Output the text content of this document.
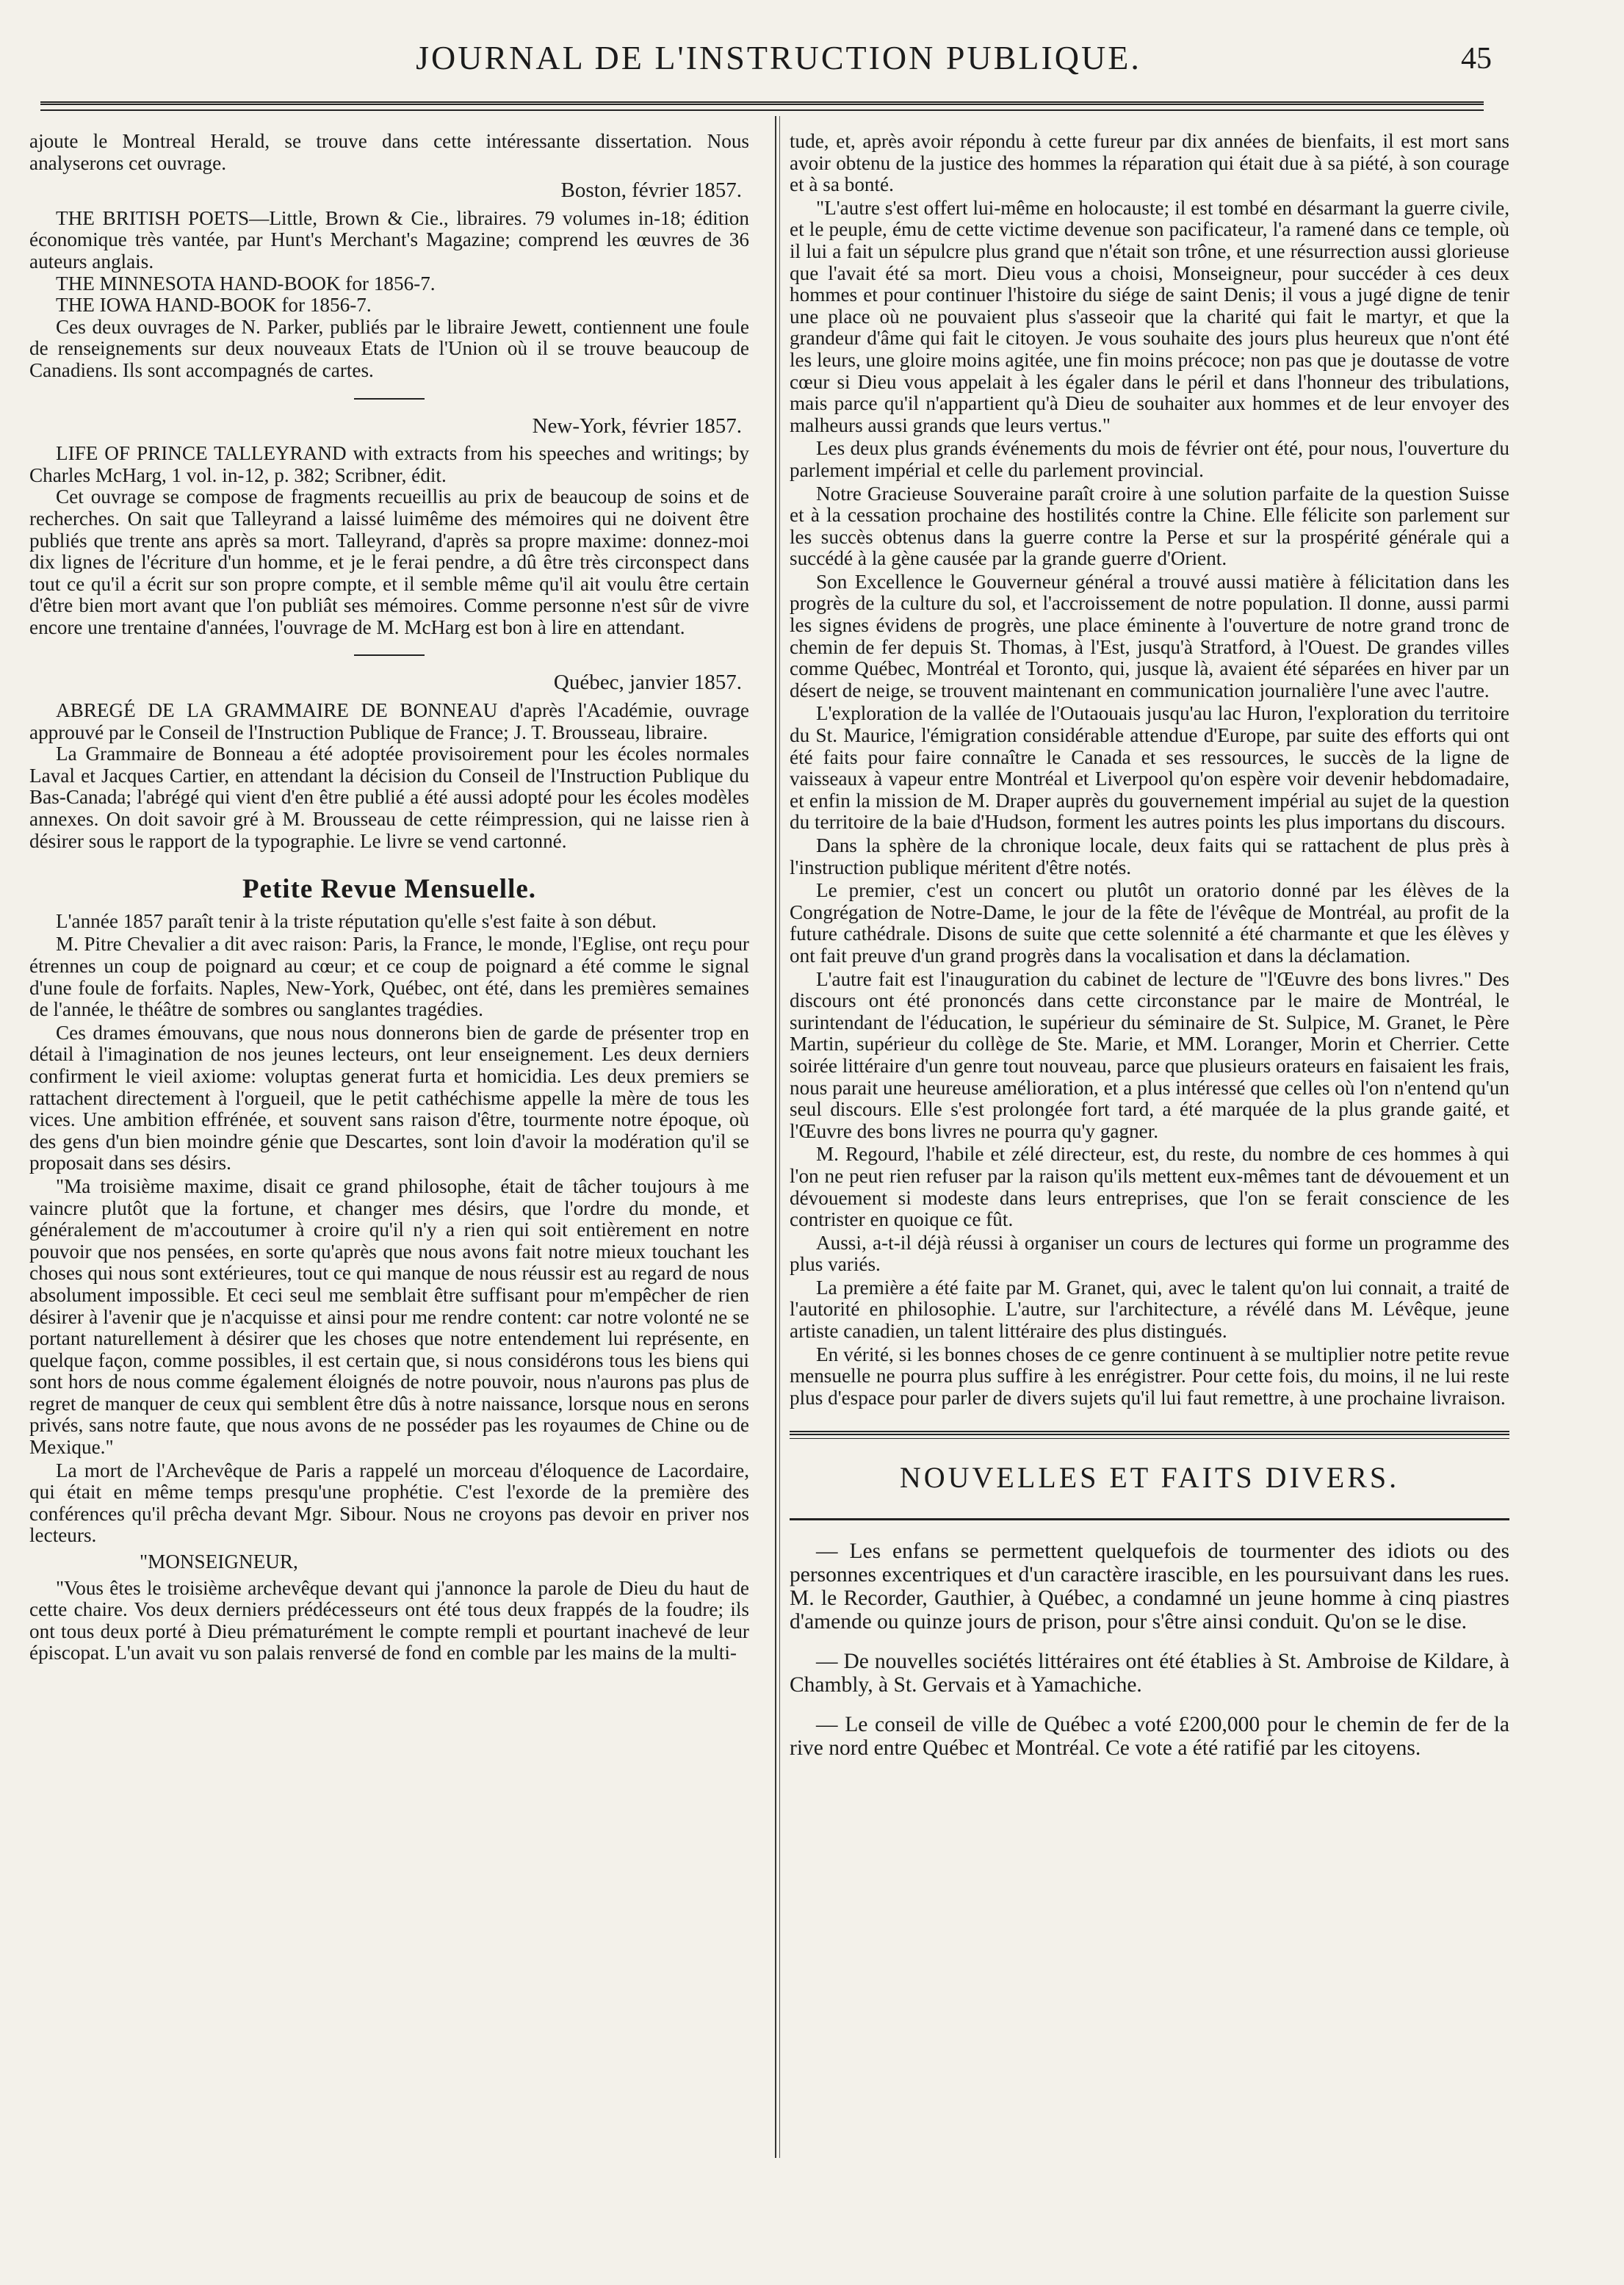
JOURNAL DE L'INSTRUCTION PUBLIQUE.	45

ajoute le Montreal Herald, se trouve dans cette intéressante dissertation. Nous analyserons cet ouvrage.

Boston, février 1857.

THE BRITISH POETS—Little, Brown & Cie., libraires. 79 volumes in-18; édition économique très vantée, par Hunt's Merchant's Magazine; comprend les œuvres de 36 auteurs anglais.

THE MINNESOTA HAND-BOOK for 1856-7.

THE IOWA HAND-BOOK for 1856-7.

Ces deux ouvrages de N. Parker, publiés par le libraire Jewett, contiennent une foule de renseignements sur deux nouveaux Etats de l'Union où il se trouve beaucoup de Canadiens. Ils sont accompagnés de cartes.

New-York, février 1857.

LIFE OF PRINCE TALLEYRAND with extracts from his speeches and writings; by Charles McHarg, 1 vol. in-12, p. 382; Scribner, édit.

Cet ouvrage se compose de fragments recueillis au prix de beaucoup de soins et de recherches. On sait que Talleyrand a laissé luimême des mémoires qui ne doivent être publiés que trente ans après sa mort. Talleyrand, d'après sa propre maxime: donnez-moi dix lignes de l'écriture d'un homme, et je le ferai pendre, a dû être très circonspect dans tout ce qu'il a écrit sur son propre compte, et il semble même qu'il ait voulu être certain d'être bien mort avant que l'on publiât ses mémoires. Comme personne n'est sûr de vivre encore une trentaine d'années, l'ouvrage de M. McHarg est bon à lire en attendant.

Québec, janvier 1857.

ABREGÉ DE LA GRAMMAIRE DE BONNEAU d'après l'Académie, ouvrage approuvé par le Conseil de l'Instruction Publique de France; J. T. Brousseau, libraire.

La Grammaire de Bonneau a été adoptée provisoirement pour les écoles normales Laval et Jacques Cartier, en attendant la décision du Conseil de l'Instruction Publique du Bas-Canada; l'abrégé qui vient d'en être publié a été aussi adopté pour les écoles modèles annexes. On doit savoir gré à M. Brousseau de cette réimpression, qui ne laisse rien à désirer sous le rapport de la typographie. Le livre se vend cartonné.

Petite Revue Mensuelle.

L'année 1857 paraît tenir à la triste réputation qu'elle s'est faite à son début.

M. Pitre Chevalier a dit avec raison: Paris, la France, le monde, l'Eglise, ont reçu pour étrennes un coup de poignard au cœur; et ce coup de poignard a été comme le signal d'une foule de forfaits. Naples, New-York, Québec, ont été, dans les premières semaines de l'année, le théâtre de sombres ou sanglantes tragédies.

Ces drames émouvans, que nous nous donnerons bien de garde de présenter trop en détail à l'imagination de nos jeunes lecteurs, ont leur enseignement. Les deux derniers confirment le vieil axiome: voluptas generat furta et homicidia. Les deux premiers se rattachent directement à l'orgueil, que le petit cathéchisme appelle la mère de tous les vices. Une ambition effrénée, et souvent sans raison d'être, tourmente notre époque, où des gens d'un bien moindre génie que Descartes, sont loin d'avoir la modération qu'il se proposait dans ses désirs.

"Ma troisième maxime, disait ce grand philosophe, était de tâcher toujours à me vaincre plutôt que la fortune, et changer mes désirs, que l'ordre du monde, et généralement de m'accoutumer à croire qu'il n'y a rien qui soit entièrement en notre pouvoir que nos pensées, en sorte qu'après que nous avons fait notre mieux touchant les choses qui nous sont extérieures, tout ce qui manque de nous réussir est au regard de nous absolument impossible. Et ceci seul me semblait être suffisant pour m'empêcher de rien désirer à l'avenir que je n'acquisse et ainsi pour me rendre content: car notre volonté ne se portant naturellement à désirer que les choses que notre entendement lui représente, en quelque façon, comme possibles, il est certain que, si nous considérons tous les biens qui sont hors de nous comme également éloignés de notre pouvoir, nous n'aurons pas plus de regret de manquer de ceux qui semblent être dûs à notre naissance, lorsque nous en serons privés, sans notre faute, que nous avons de ne posséder pas les royaumes de Chine ou de Mexique."

La mort de l'Archevêque de Paris a rappelé un morceau d'éloquence de Lacordaire, qui était en même temps presqu'une prophétie. C'est l'exorde de la première des conférences qu'il prêcha devant Mgr. Sibour. Nous ne croyons pas devoir en priver nos lecteurs.

"MONSEIGNEUR,

"Vous êtes le troisième archevêque devant qui j'annonce la parole de Dieu du haut de cette chaire. Vos deux derniers prédécesseurs ont été tous deux frappés de la foudre; ils ont tous deux porté à Dieu prématurément le compte rempli et pourtant inachevé de leur épiscopat. L'un avait vu son palais renversé de fond en comble par les mains de la multi-

tude, et, après avoir répondu à cette fureur par dix années de bienfaits, il est mort sans avoir obtenu de la justice des hommes la réparation qui était due à sa piété, à son courage et à sa bonté.

"L'autre s'est offert lui-même en holocauste; il est tombé en désarmant la guerre civile, et le peuple, ému de cette victime devenue son pacificateur, l'a ramené dans ce temple, où il lui a fait un sépulcre plus grand que n'était son trône, et une résurrection aussi glorieuse que l'avait été sa mort. Dieu vous a choisi, Monseigneur, pour succéder à ces deux hommes et pour continuer l'histoire du siége de saint Denis; il vous a jugé digne de tenir une place où ne pouvaient plus s'asseoir que la charité qui fait le martyr, et que la grandeur d'âme qui fait le citoyen. Je vous souhaite des jours plus heureux que n'ont été les leurs, une gloire moins agitée, une fin moins précoce; non pas que je doutasse de votre cœur si Dieu vous appelait à les égaler dans le péril et dans l'honneur des tribulations, mais parce qu'il n'appartient qu'à Dieu de souhaiter aux hommes et de leur envoyer des malheurs aussi grands que leurs vertus."

Les deux plus grands événements du mois de février ont été, pour nous, l'ouverture du parlement impérial et celle du parlement provincial.

Notre Gracieuse Souveraine paraît croire à une solution parfaite de la question Suisse et à la cessation prochaine des hostilités contre la Chine. Elle félicite son parlement sur les succès obtenus dans la guerre contre la Perse et sur la prospérité générale qui a succédé à la gène causée par la grande guerre d'Orient.

Son Excellence le Gouverneur général a trouvé aussi matière à félicitation dans les progrès de la culture du sol, et l'accroissement de notre population. Il donne, aussi parmi les signes évidens de progrès, une place éminente à l'ouverture de notre grand tronc de chemin de fer depuis St. Thomas, à l'Est, jusqu'à Stratford, à l'Ouest. De grandes villes comme Québec, Montréal et Toronto, qui, jusque là, avaient été séparées en hiver par un désert de neige, se trouvent maintenant en communication journalière l'une avec l'autre.

L'exploration de la vallée de l'Outaouais jusqu'au lac Huron, l'exploration du territoire du St. Maurice, l'émigration considérable attendue d'Europe, par suite des efforts qui ont été faits pour faire connaître le Canada et ses ressources, le succès de la ligne de vaisseaux à vapeur entre Montréal et Liverpool qu'on espère voir devenir hebdomadaire, et enfin la mission de M. Draper auprès du gouvernement impérial au sujet de la question du territoire de la baie d'Hudson, forment les autres points les plus importans du discours.

Dans la sphère de la chronique locale, deux faits qui se rattachent de plus près à l'instruction publique méritent d'être notés.

Le premier, c'est un concert ou plutôt un oratorio donné par les élèves de la Congrégation de Notre-Dame, le jour de la fête de l'évêque de Montréal, au profit de la future cathédrale. Disons de suite que cette solennité a été charmante et que les élèves y ont fait preuve d'un grand progrès dans la vocalisation et dans la déclamation.

L'autre fait est l'inauguration du cabinet de lecture de "l'Œuvre des bons livres." Des discours ont été prononcés dans cette circonstance par le maire de Montréal, le surintendant de l'éducation, le supérieur du séminaire de St. Sulpice, M. Granet, le Père Martin, supérieur du collège de Ste. Marie, et MM. Loranger, Morin et Cherrier. Cette soirée littéraire d'un genre tout nouveau, parce que plusieurs orateurs en faisaient les frais, nous parait une heureuse amélioration, et a plus intéressé que celles où l'on n'entend qu'un seul discours. Elle s'est prolongée fort tard, a été marquée de la plus grande gaité, et l'Œuvre des bons livres ne pourra qu'y gagner.

M. Regourd, l'habile et zélé directeur, est, du reste, du nombre de ces hommes à qui l'on ne peut rien refuser par la raison qu'ils mettent eux-mêmes tant de dévouement et un dévouement si modeste dans leurs entreprises, que l'on se ferait conscience de les contrister en quoique ce fût.

Aussi, a-t-il déjà réussi à organiser un cours de lectures qui forme un programme des plus variés.

La première a été faite par M. Granet, qui, avec le talent qu'on lui connait, a traité de l'autorité en philosophie. L'autre, sur l'architecture, a révélé dans M. Lévêque, jeune artiste canadien, un talent littéraire des plus distingués.

En vérité, si les bonnes choses de ce genre continuent à se multiplier notre petite revue mensuelle ne pourra plus suffire à les enrégistrer. Pour cette fois, du moins, il ne lui reste plus d'espace pour parler de divers sujets qu'il lui faut remettre, à une prochaine livraison.

NOUVELLES ET FAITS DIVERS.

— Les enfans se permettent quelquefois de tourmenter des idiots ou des personnes excentriques et d'un caractère irascible, en les poursuivant dans les rues. M. le Recorder, Gauthier, à Québec, a condamné un jeune homme à cinq piastres d'amende ou quinze jours de prison, pour s'être ainsi conduit. Qu'on se le dise.

— De nouvelles sociétés littéraires ont été établies à St. Ambroise de Kildare, à Chambly, à St. Gervais et à Yamachiche.

— Le conseil de ville de Québec a voté £200,000 pour le chemin de fer de la rive nord entre Québec et Montréal. Ce vote a été ratifié par les citoyens.
